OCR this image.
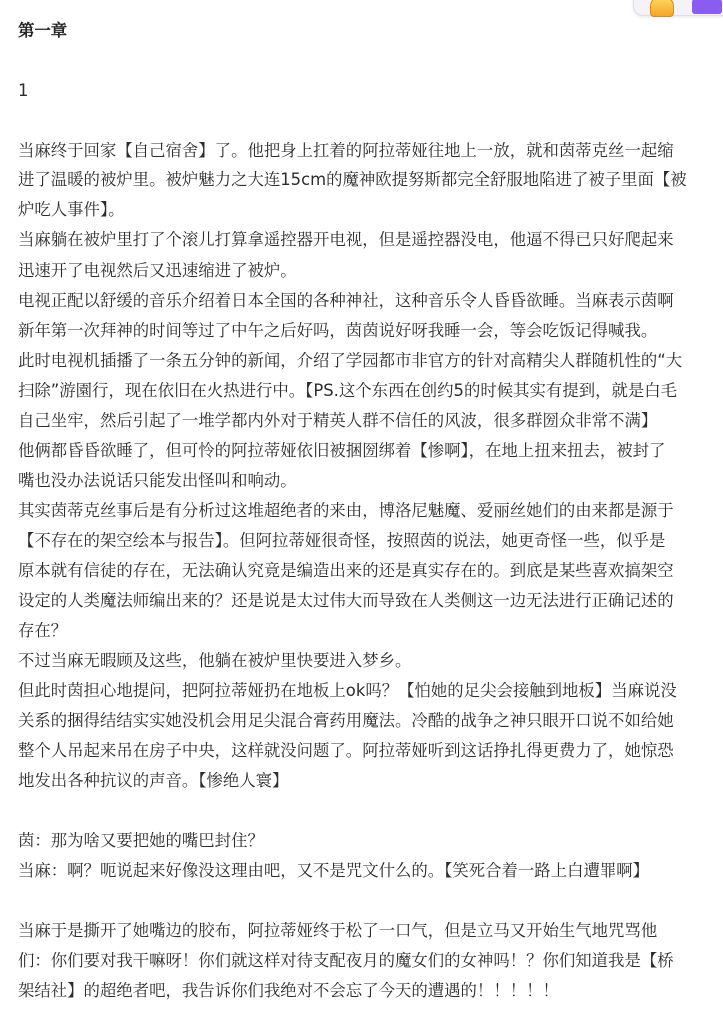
第一章
1
当麻终于回家【自己宿舍】了。他把身上扛着的阿拉蒂娅往地上一放，就和茵蒂克丝一起缩
进了温暖的被炉里。被炉魅力之大连15cm的魔神欧提努斯都完全舒服地陷进了被子里面【被
炉吃人事件】。
当麻躺在被炉里打了个滚儿打算拿遥控器开电视，但是遥控器没电，他逼不得已只好爬起来
迅速开了电视然后又迅速缩进了被炉。
电视正配以舒缓的音乐介绍着日本全国的各种神社，这种音乐令人昏昏欲睡。当麻表示茵啊
新年第一次拜神的时间等过了中午之后好吗，茵茵说好呀我睡一会，等会吃饭记得喊我。
此时电视机插播了一条五分钟的新闻，介绍了学园都市非官方的针对高精尖人群随机性的“大
扫除”游園行，现在依旧在火热进行中。【PS.这个东西在创约5的时候其实有提到，就是白毛
自己坐牢，然后引起了一堆学都内外对于精英人群不信任的风波，很多群圀众非常不满】
他俩都昏昏欲睡了，但可怜的阿拉蒂娅依旧被捆圀绑着【惨啊】，在地上扭来扭去，被封了
嘴也没办法说话只能发出怪叫和响动。
其实茵蒂克丝事后是有分析过这堆超绝者的来由，博洛尼魅魔、爱丽丝她们的由来都是源于
【不存在的架空绘本与报告】。但阿拉蒂娅很奇怪，按照茵的说法，她更奇怪一些，似乎是
原本就有信徒的存在，无法确认究竟是编造出来的还是真实存在的。到底是某些喜欢搞架空
设定的人类魔法师编出来的？还是说是太过伟大而导致在人类侧这一边无法进行正确记述的
存在？
不过当麻无暇顾及这些，他躺在被炉里快要进入梦乡。
但此时茵担心地提问，把阿拉蒂娅扔在地板上ok吗？【怕她的足尖会接触到地板】当麻说没
关系的捆得结结实实她没机会用足尖混合膏药用魔法。冷酷的战争之神只眼开口说不如给她
整个人吊起来吊在房子中央，这样就没问题了。阿拉蒂娅听到这话挣扎得更费力了，她惊恐
地发出各种抗议的声音。【惨绝人寰】
茵：那为啥又要把她的嘴巴封住？
当麻：啊？呃说起来好像没这理由吧，又不是咒文什么的。【笑死合着一路上白遭罪啊】
当麻于是撕开了她嘴边的胶布，阿拉蒂娅终于松了一口气，但是立马又开始生气地咒骂他
们：你们要对我干嘛呀！你们就这样对待支配夜月的魔女们的女神吗！？你们知道我是【桥
架结社】的超绝者吧，我告诉你们我绝对不会忘了今天的遭遇的！！！！！
